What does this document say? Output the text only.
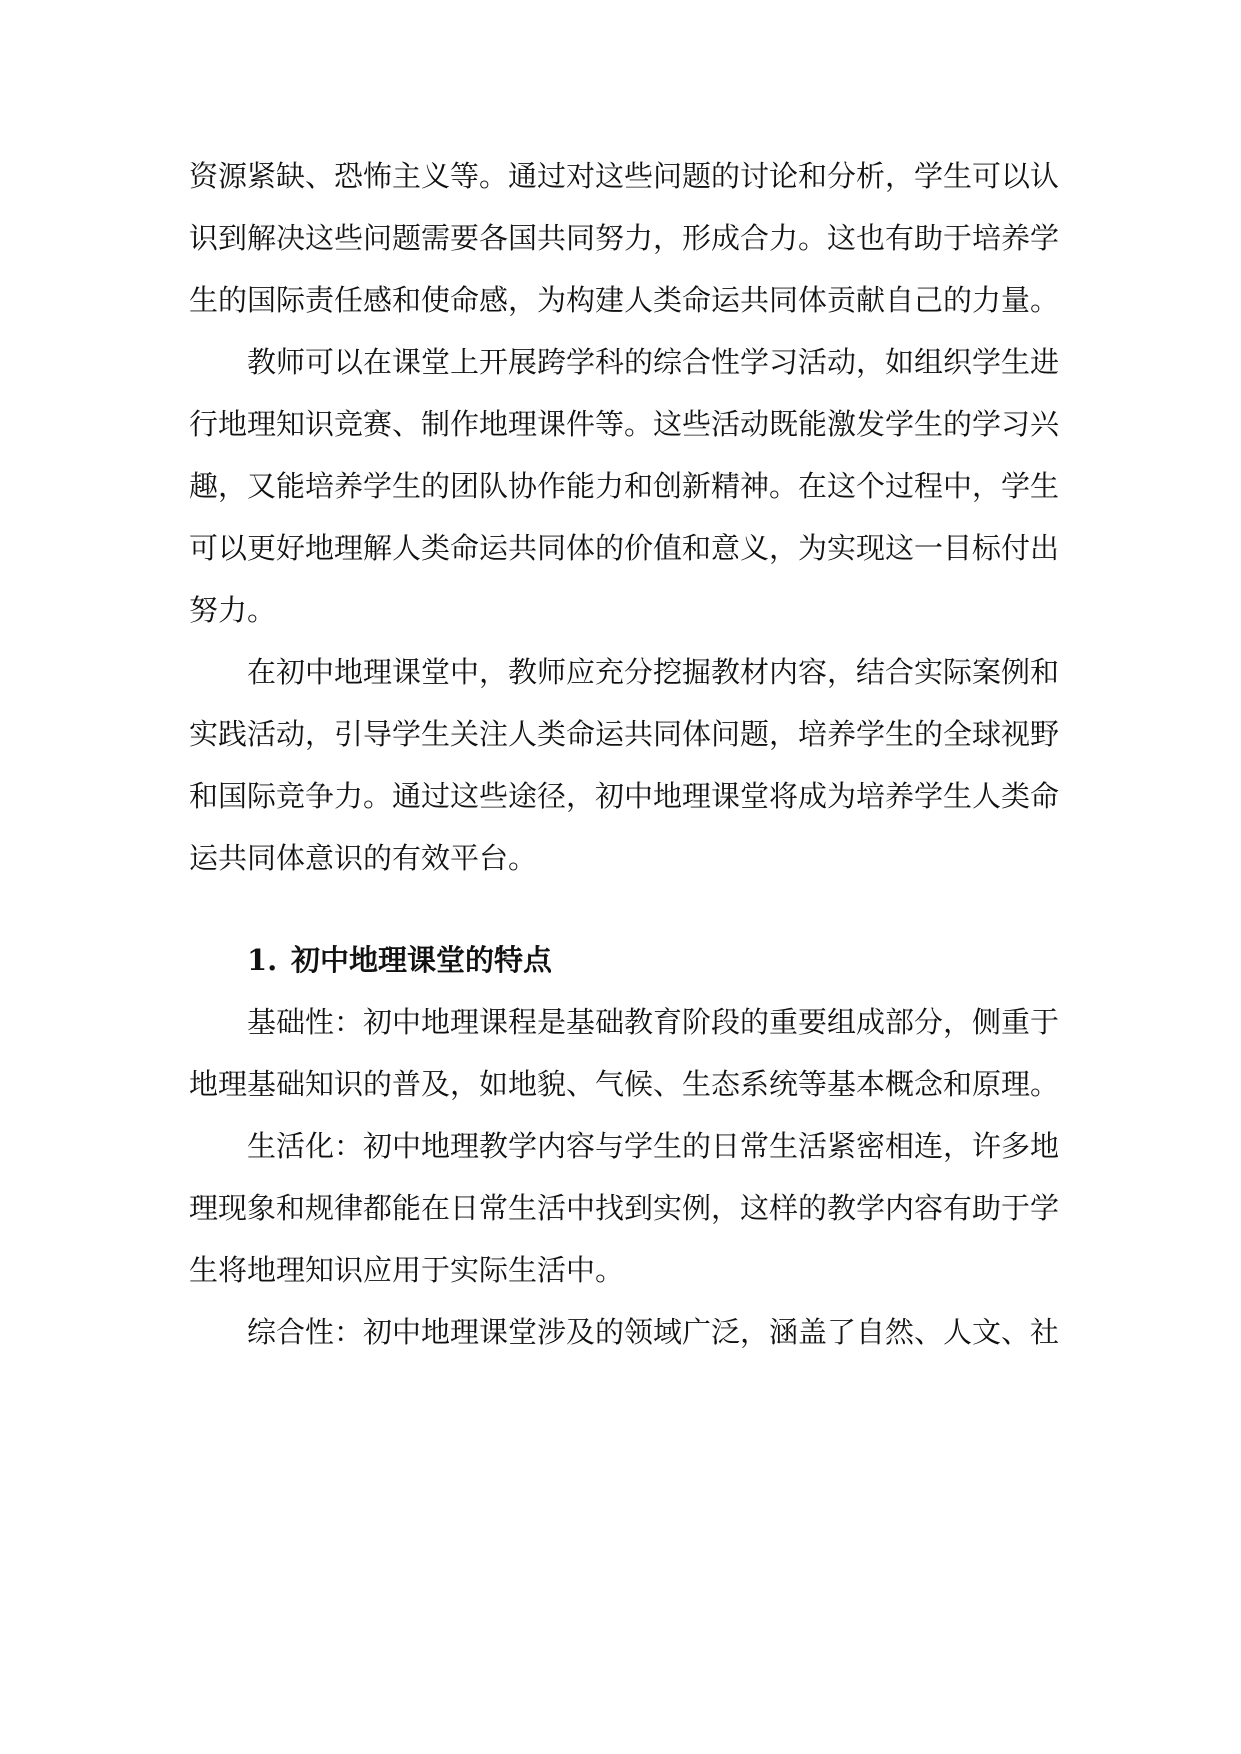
资源紧缺、恐怖主义等。通过对这些问题的讨论和分析，学生可以认
识到解决这些问题需要各国共同努力，形成合力。这也有助于培养学
生的国际责任感和使命感，为构建人类命运共同体贡献自己的力量。

教师可以在课堂上开展跨学科的综合性学习活动，如组织学生进
行地理知识竞赛、制作地理课件等。这些活动既能激发学生的学习兴
趣，又能培养学生的团队协作能力和创新精神。在这个过程中，学生
可以更好地理解人类命运共同体的价值和意义，为实现这一目标付出
努力。

在初中地理课堂中，教师应充分挖掘教材内容，结合实际案例和
实践活动，引导学生关注人类命运共同体问题，培养学生的全球视野
和国际竞争力。通过这些途径，初中地理课堂将成为培养学生人类命
运共同体意识的有效平台。

1. 初中地理课堂的特点

基础性：初中地理课程是基础教育阶段的重要组成部分，侧重于
地理基础知识的普及，如地貌、气候、生态系统等基本概念和原理。

生活化：初中地理教学内容与学生的日常生活紧密相连，许多地
理现象和规律都能在日常生活中找到实例，这样的教学内容有助于学
生将地理知识应用于实际生活中。

综合性：初中地理课堂涉及的领域广泛，涵盖了自然、人文、社
